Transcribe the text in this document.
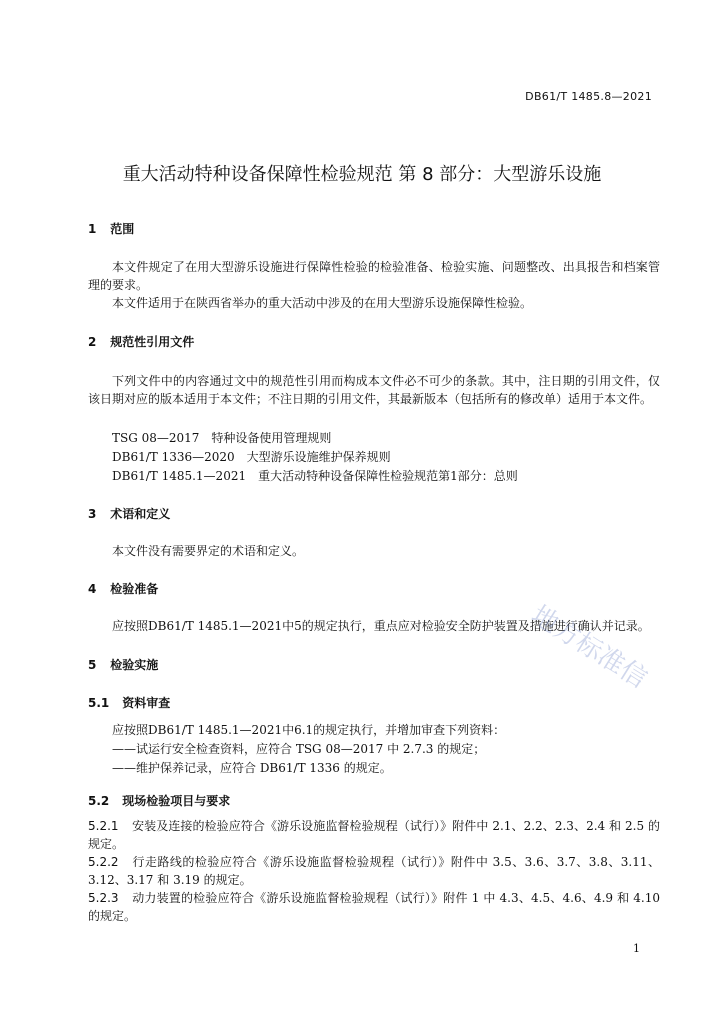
DB61/T 1485.8—2021
重大活动特种设备保障性检验规范 第 8 部分：大型游乐设施
1 范围
本文件规定了在用大型游乐设施进行保障性检验的检验准备、检验实施、问题整改、出具报告和档案管理的要求。
本文件适用于在陕西省举办的重大活动中涉及的在用大型游乐设施保障性检验。
2 规范性引用文件
下列文件中的内容通过文中的规范性引用而构成本文件必不可少的条款。其中，注日期的引用文件，仅该日期对应的版本适用于本文件；不注日期的引用文件，其最新版本（包括所有的修改单）适用于本文件。
TSG 08—2017　特种设备使用管理规则
DB61/T 1336—2020　大型游乐设施维护保养规则
DB61/T 1485.1—2021　重大活动特种设备保障性检验规范第1部分：总则
3 术语和定义
本文件没有需要界定的术语和定义。
4 检验准备
应按照DB61/T 1485.1—2021中5的规定执行，重点应对检验安全防护装置及措施进行确认并记录。
5 检验实施
5.1 资料审查
应按照DB61/T 1485.1—2021中6.1的规定执行，并增加审查下列资料：
——试运行安全检查资料，应符合 TSG 08—2017 中 2.7.3 的规定；
——维护保养记录，应符合 DB61/T 1336 的规定。
5.2 现场检验项目与要求
5.2.1 安装及连接的检验应符合《游乐设施监督检验规程（试行）》附件中 2.1、2.2、2.3、2.4 和 2.5 的规定。
5.2.2 行走路线的检验应符合《游乐设施监督检验规程（试行）》附件中 3.5、3.6、3.7、3.8、3.11、3.12、3.17 和 3.19 的规定。
5.2.3 动力装置的检验应符合《游乐设施监督检验规程（试行）》附件 1 中 4.3、4.5、4.6、4.9 和 4.10 的规定。
1
地方标准信
